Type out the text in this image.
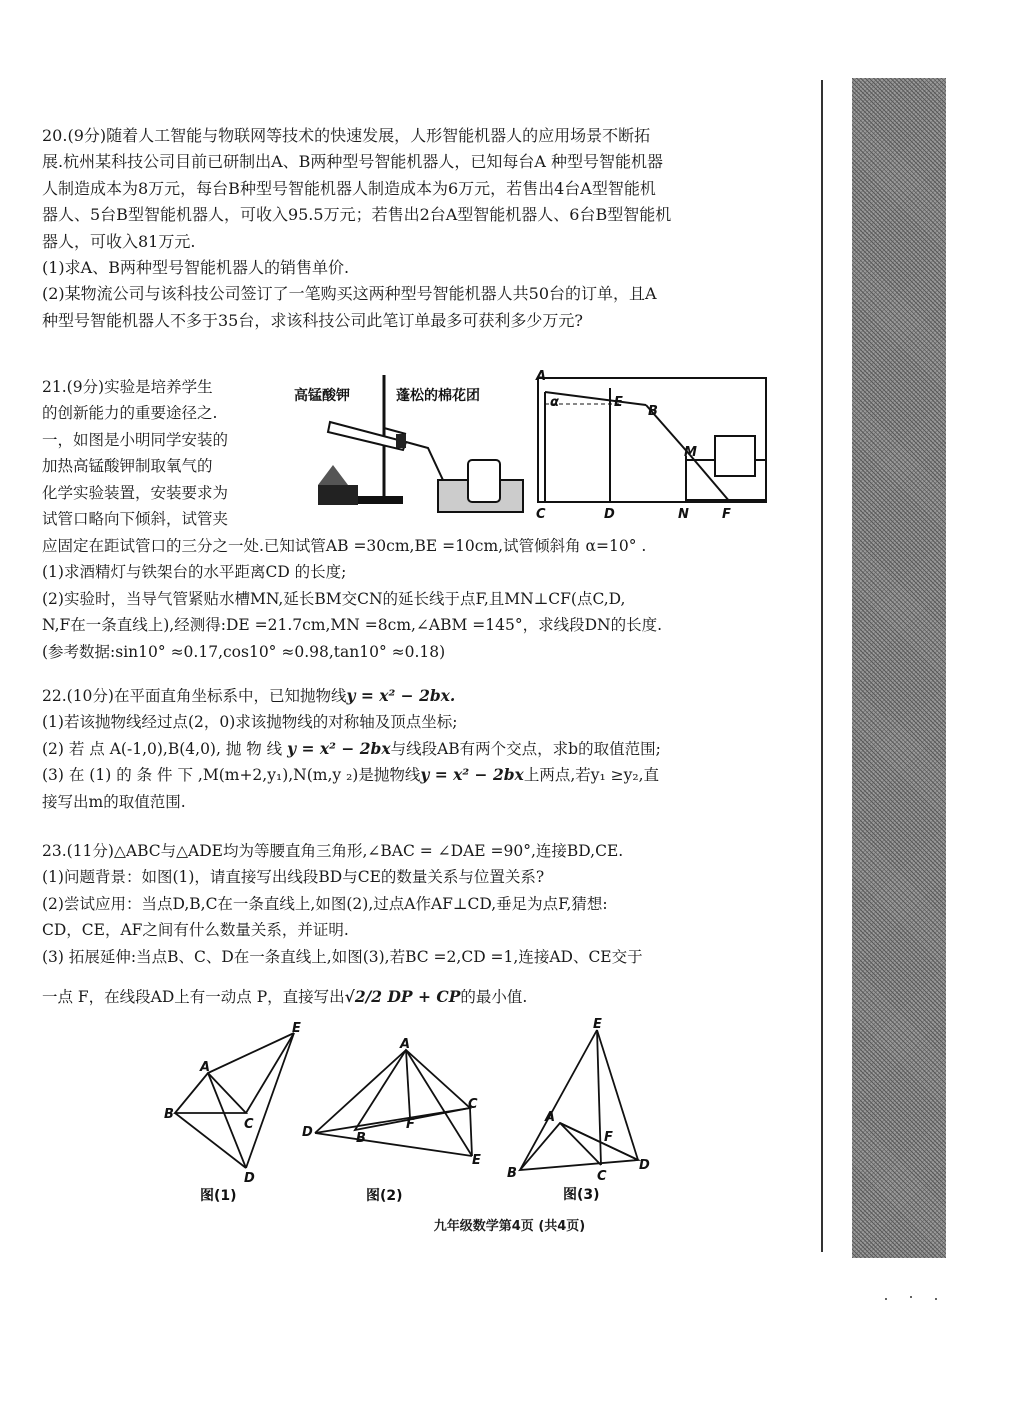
20.(9分)随着人工智能与物联网等技术的快速发展，人形智能机器人的应用场景不断拓

展.杭州某科技公司目前已研制出A、B两种型号智能机器人，已知每台A 种型号智能机器

人制造成本为8万元，每台B种型号智能机器人制造成本为6万元，若售出4台A型智能机

器人、5台B型智能机器人，可收入95.5万元；若售出2台A型智能机器人、6台B型智能机

器人，可收入81万元.

(1)求A、B两种型号智能机器人的销售单价.

(2)某物流公司与该科技公司签订了一笔购买这两种型号智能机器人共50台的订单，且A

种型号智能机器人不多于35台，求该科技公司此笔订单最多可获利多少万元?

21.(9分)实验是培养学生

的创新能力的重要途径之.

一，如图是小明同学安装的

加热高锰酸钾制取氧气的

化学实验装置，安装要求为

试管口略向下倾斜，试管夹

高锰酸钾	蓬松的棉花团
A
E
B
α
M
C	D	N	F

应固定在距试管口的三分之一处.已知试管AB =30cm,BE =10cm,试管倾斜角 α=10° .

(1)求酒精灯与铁架台的水平距离CD 的长度;

(2)实验时，当导气管紧贴水槽MN,延长BM交CN的延长线于点F,且MN⊥CF(点C,D,

N,F在一条直线上),经测得:DE =21.7cm,MN =8cm,∠ABM =145°，求线段DN的长度.

(参考数据:sin10° ≈0.17,cos10° ≈0.98,tan10° ≈0.18)

22.(10分)在平面直角坐标系中，已知抛物线y = x² − 2bx.

(1)若该抛物线经过点(2，0)求该抛物线的对称轴及顶点坐标;

(2) 若 点 A(-1,0),B(4,0), 抛 物 线 y = x² − 2bx与线段AB有两个交点，求b的取值范围;

(3) 在 (1) 的 条 件 下 ,M(m+2,y₁),N(m,y ₂)是抛物线y = x² − 2bx上两点,若y₁ ≥y₂,直

接写出m的取值范围.

23.(11分)△ABC与△ADE均为等腰直角三角形,∠BAC = ∠DAE =90°,连接BD,CE.

(1)问题背景：如图(1)，请直接写出线段BD与CE的数量关系与位置关系?

(2)尝试应用：当点D,B,C在一条直线上,如图(2),过点A作AF⊥CD,垂足为点F,猜想:

CD，CE，AF之间有什么数量关系，并证明.

(3) 拓展延伸:当点B、C、D在一条直线上,如图(3),若BC =2,CD =1,连接AD、CE交于

一点 F，在线段AD上有一动点 P，直接写出√2/2 DP + CP的最小值.

A
B
C
D
E
图(1)
A
B
C
D
E
F
图(2)
E
A
B	C
D
F
图(3)
九年级数学第4页 (共4页)
